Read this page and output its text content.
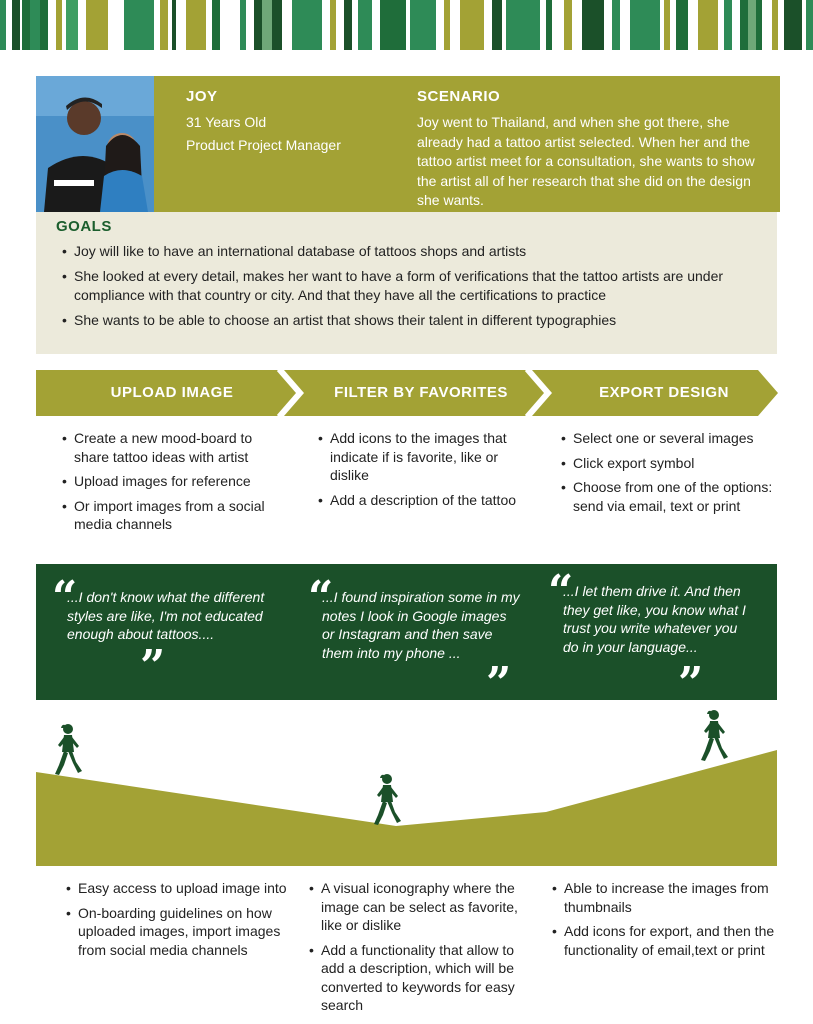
JOY
31 Years Old
Product Project Manager
SCENARIO
Joy went to Thailand, and when she got there, she already had a tattoo artist selected. When her and the tattoo artist meet for a consultation, she wants to show the artist all of her research that she did on the design she wants.
GOALS
• Joy will like to have an international database of tattoos shops and artists
• She looked at every detail, makes her want to have a form of verifications that the tattoo artists are under compliance with that country or city. And that they have all the certifications to practice
• She wants to be able to choose an artist that shows their talent in different typographies
UPLOAD IMAGE	FILTER BY FAVORITES	EXPORT DESIGN
• Create a new mood-board to share tattoo ideas with artist
• Upload images for reference
• Or import images from a social media channels
• Add icons to the images that indicate if is favorite, like or dislike
• Add a description of the tattoo
• Select one or several images
• Click export symbol
• Choose from one of the options: send via email, text or print
“
...I don't know what the different styles are like, I'm not educated enough about tattoos....
”
“
...I found inspiration some in my notes I look in Google images or Instagram and then save them into my phone ...
”
“
...I let them drive it. And then they get like, you know what I trust you write whatever you do in your language...
”
• Easy access to upload image into
• On-boarding guidelines on how uploaded images, import images from social media channels
• A visual iconography where the image can be select as favorite, like or dislike
• Add a functionality that allow to add a description, which will be converted to keywords for easy search
• Able to increase the images from thumbnails
• Add icons for export, and then the functionality of email,text or print
